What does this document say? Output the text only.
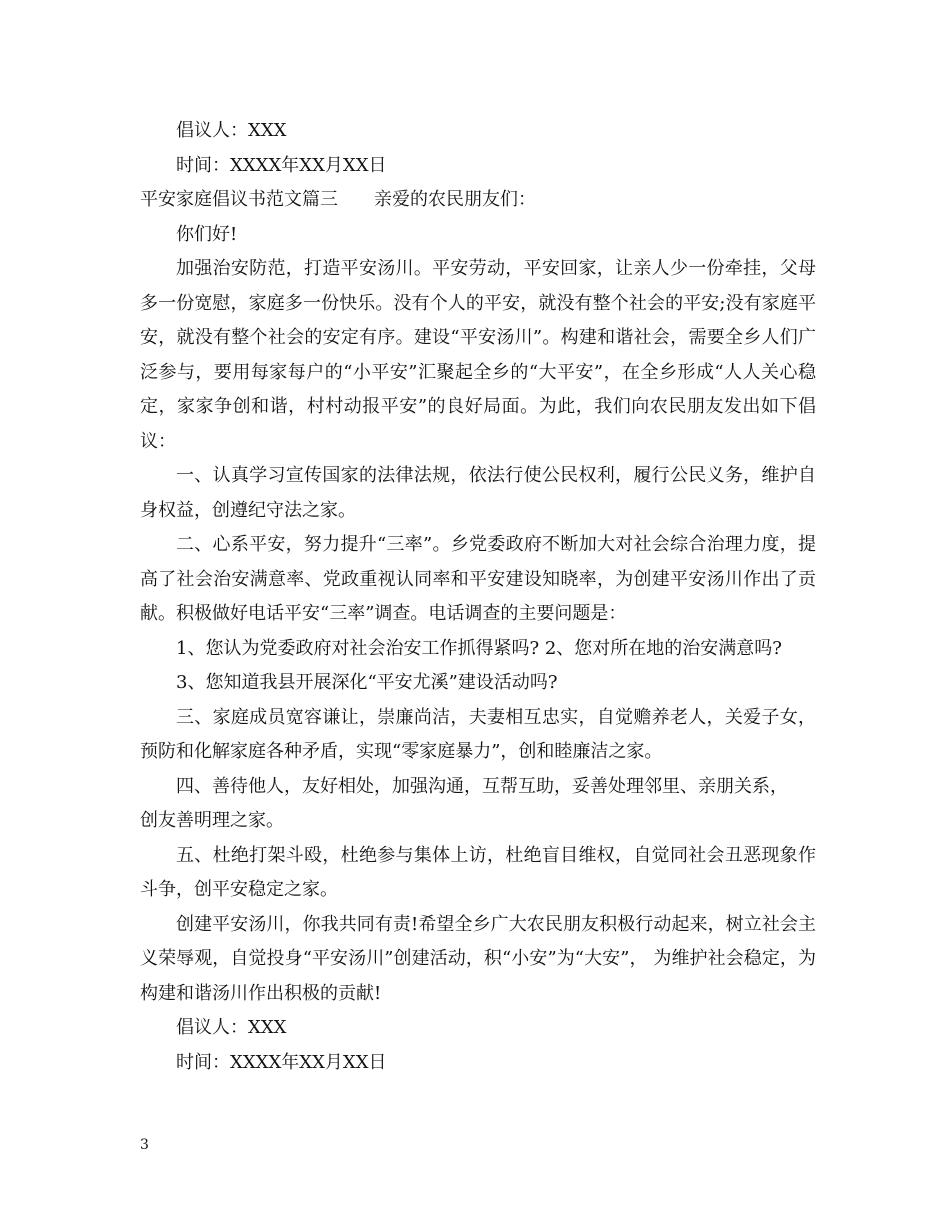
倡议人：XXX

时间：XXXX年XX月XX日

平安家庭倡议书范文篇三 亲爱的农民朋友们：

你们好!

加强治安防范，打造平安汤川。平安劳动，平安回家，让亲人少一份牵挂，父母多一份宽慰，家庭多一份快乐。没有个人的平安，就没有整个社会的平安;没有家庭平安，就没有整个社会的安定有序。建设“平安汤川”。构建和谐社会，需要全乡人们广泛参与，要用每家每户的“小平安”汇聚起全乡的“大平安”，在全乡形成“人人关心稳定，家家争创和谐，村村动报平安”的良好局面。为此，我们向农民朋友发出如下倡议：

一、认真学习宣传国家的法律法规，依法行使公民权利，履行公民义务，维护自身权益，创遵纪守法之家。

二、心系平安，努力提升“三率”。乡党委政府不断加大对社会综合治理力度，提高了社会治安满意率、党政重视认同率和平安建设知晓率，为创建平安汤川作出了贡献。积极做好电话平安“三率”调查。电话调查的主要问题是：

1、您认为党委政府对社会治安工作抓得紧吗? 2、您对所在地的治安满意吗?

3、您知道我县开展深化“平安尤溪”建设活动吗?

三、家庭成员宽容谦让，崇廉尚洁，夫妻相互忠实，自觉赡养老人，关爱子女，预防和化解家庭各种矛盾，实现“零家庭暴力”，创和睦廉洁之家。

四、善待他人，友好相处，加强沟通，互帮互助，妥善处理邻里、亲朋关系，

创友善明理之家。

五、杜绝打架斗殴，杜绝参与集体上访，杜绝盲目维权，自觉同社会丑恶现象作斗争，创平安稳定之家。

创建平安汤川，你我共同有责!希望全乡广大农民朋友积极行动起来，树立社会主义荣辱观，自觉投身“平安汤川”创建活动，积“小安”为“大安”， 为维护社会稳定，为构建和谐汤川作出积极的贡献!

倡议人：XXX

时间：XXXX年XX月XX日

3
